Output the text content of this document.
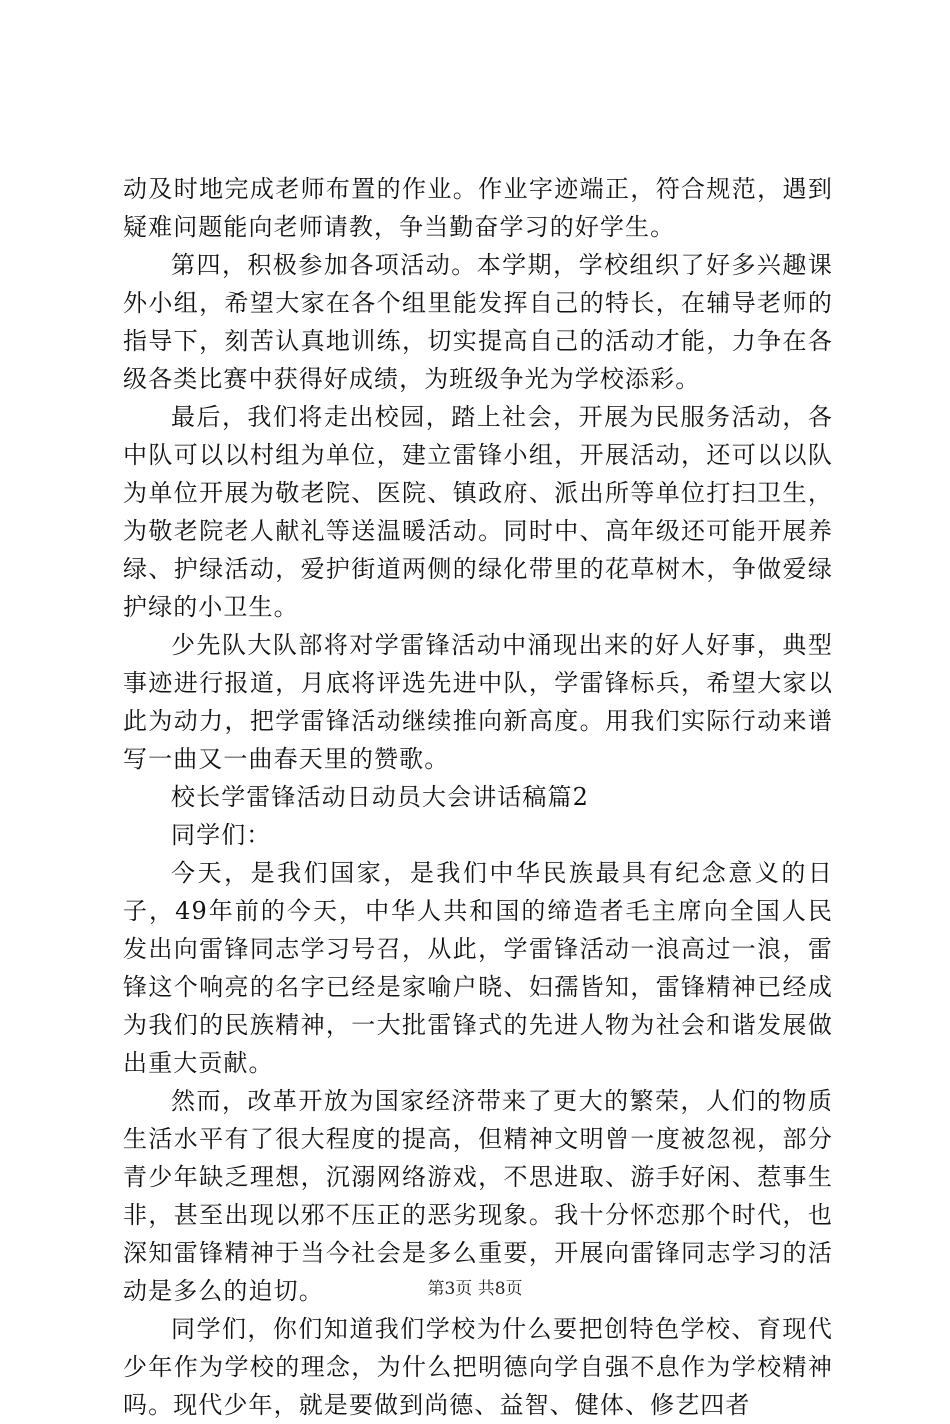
动及时地完成老师布置的作业。作业字迹端正，符合规范，遇到疑难问题能向老师请教，争当勤奋学习的好学生。

第四，积极参加各项活动。本学期，学校组织了好多兴趣课外小组，希望大家在各个组里能发挥自己的特长，在辅导老师的指导下，刻苦认真地训练，切实提高自己的活动才能，力争在各级各类比赛中获得好成绩，为班级争光为学校添彩。

最后，我们将走出校园，踏上社会，开展为民服务活动，各中队可以以村组为单位，建立雷锋小组，开展活动，还可以以队为单位开展为敬老院、医院、镇政府、派出所等单位打扫卫生，为敬老院老人献礼等送温暖活动。同时中、高年级还可能开展养绿、护绿活动，爱护街道两侧的绿化带里的花草树木，争做爱绿护绿的小卫生。

少先队大队部将对学雷锋活动中涌现出来的好人好事，典型事迹进行报道，月底将评选先进中队，学雷锋标兵，希望大家以此为动力，把学雷锋活动继续推向新高度。用我们实际行动来谱写一曲又一曲春天里的赞歌。

校长学雷锋活动日动员大会讲话稿篇2

同学们：

今天，是我们国家，是我们中华民族最具有纪念意义的日子，49年前的今天，中华人共和国的缔造者毛主席向全国人民发出向雷锋同志学习号召，从此，学雷锋活动一浪高过一浪，雷锋这个响亮的名字已经是家喻户晓、妇孺皆知，雷锋精神已经成为我们的民族精神，一大批雷锋式的先进人物为社会和谐发展做出重大贡献。

然而，改革开放为国家经济带来了更大的繁荣，人们的物质生活水平有了很大程度的提高，但精神文明曾一度被忽视，部分青少年缺乏理想，沉溺网络游戏，不思进取、游手好闲、惹事生非，甚至出现以邪不压正的恶劣现象。我十分怀恋那个时代，也深知雷锋精神于当今社会是多么重要，开展向雷锋同志学习的活动是多么的迫切。

同学们，你们知道我们学校为什么要把创特色学校、育现代少年作为学校的理念，为什么把明德向学自强不息作为学校精神吗。现代少年，就是要做到尚德、益智、健体、修艺四者

第3页 共8页
